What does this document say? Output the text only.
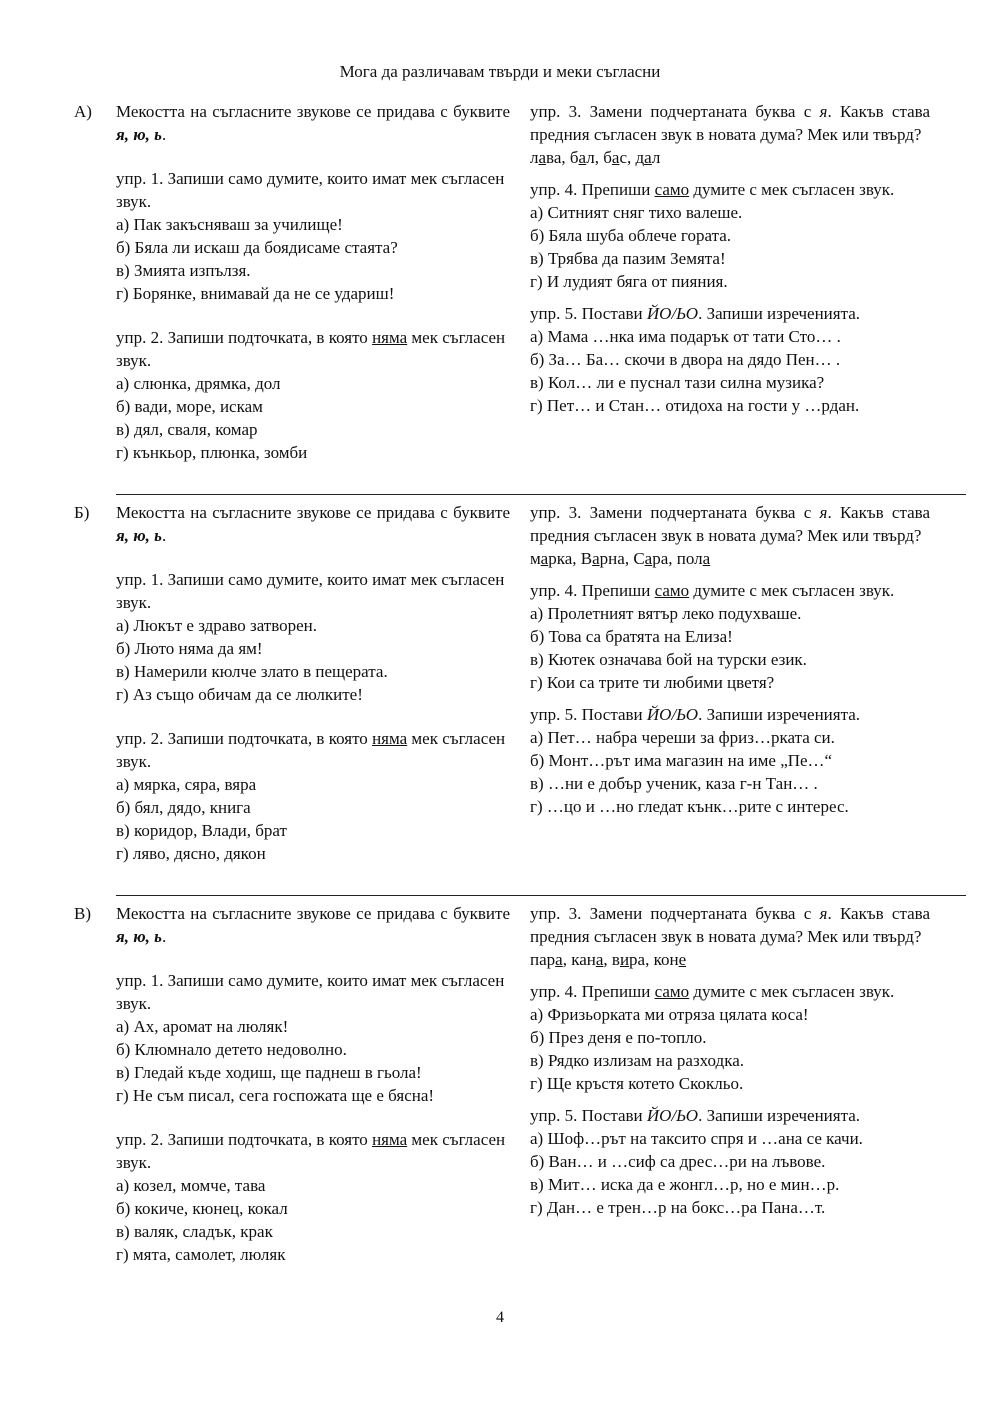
Мога да различавам твърди и меки съгласни
А) Мекостта на съгласните звукове се придава с буквите я, ю, ь.

упр. 1. Запиши само думите, които имат мек съгласен звук.

а) Пак закъсняваш за училище!

б) Бяла ли искаш да боядисаме стаята?

в) Змията изпълзя.

г) Борянке, внимавай да не се удариш!

упр. 2. Запиши подточката, в която няма мек съгласен звук.

а) слюнка, дрямка, дол

б) вади, море, искам

в) дял, сваля, комар

г) кънкьор, плюнка, зомби

упр. 3. Замени подчертаната буква с я. Какъв става предния съгласен звук в новата дума? Мек или твърд?

лава, бал, бас, дал

упр. 4. Препиши само думите с мек съгласен звук.

а) Ситният сняг тихо валеше.

б) Бяла шуба облече гората.

в) Трябва да пазим Земята!

г) И лудият бяга от пияния.

упр. 5. Постави ЙО/ЬО. Запиши изреченията.

а) Мама …нка има подарък от тати Сто… .

б) За… Ба… скочи в двора на дядо Пен… .

в) Кол… ли е пуснал тази силна музика?

г) Пет… и Стан… отидоха на гости у …рдан.

Б) Мекостта на съгласните звукове се придава с буквите я, ю, ь.

упр. 1. Запиши само думите, които имат мек съгласен звук.

а) Люкът е здраво затворен.

б) Люто няма да ям!

в) Намерили кюлче злато в пещерата.

г) Аз също обичам да се люлките!

упр. 2. Запиши подточката, в която няма мек съгласен звук.

а) мярка, сяра, вяра

б) бял, дядо, книга

в) коридор, Влади, брат

г) ляво, дясно, дякон

упр. 3. Замени подчертаната буква с я. Какъв става предния съгласен звук в новата дума? Мек или твърд?

марка, Варна, Сара, пола

упр. 4. Препиши само думите с мек съгласен звук.

а) Пролетният вятър леко подухваше.

б) Това са братята на Елиза!

в) Кютек означава бой на турски език.

г) Кои са трите ти любими цветя?

упр. 5. Постави ЙО/ЬО. Запиши изреченията.

а) Пет… набра череши за фриз…рката си.

б) Монт…рът има магазин на име „Пе…“

в) …ни е добър ученик, каза г-н Тан… .

г) …цо и …но гледат кънк…рите с интерес.

В) Мекостта на съгласните звукове се придава с буквите я, ю, ь.

упр. 1. Запиши само думите, които имат мек съгласен звук.

а) Ах, аромат на люляк!

б) Клюмнало детето недоволно.

в) Гледай къде ходиш, ще паднеш в гьола!

г) Не съм писал, сега госпожата ще е бясна!

упр. 2. Запиши подточката, в която няма мек съгласен звук.

а) козел, момче, тава

б) кокиче, кюнец, кокал

в) валяк, сладък, крак

г) мята, самолет, люляк

упр. 3. Замени подчертаната буква с я. Какъв става предния съгласен звук в новата дума? Мек или твърд?

пара, кана, вира, коне

упр. 4. Препиши само думите с мек съгласен звук.

а) Фризьорката ми отряза цялата коса!

б) През деня е по-топло.

в) Рядко излизам на разходка.

г) Ще кръстя котето Скокльо.

упр. 5. Постави ЙО/ЬО. Запиши изреченията.

а) Шоф…рът на таксито спря и …ана се качи.

б) Ван… и …сиф са дрес…ри на лъвове.

в) Мит… иска да е жонгл…р, но е мин…р.

г) Дан… е трен…р на бокс…ра Пана…т.

4
